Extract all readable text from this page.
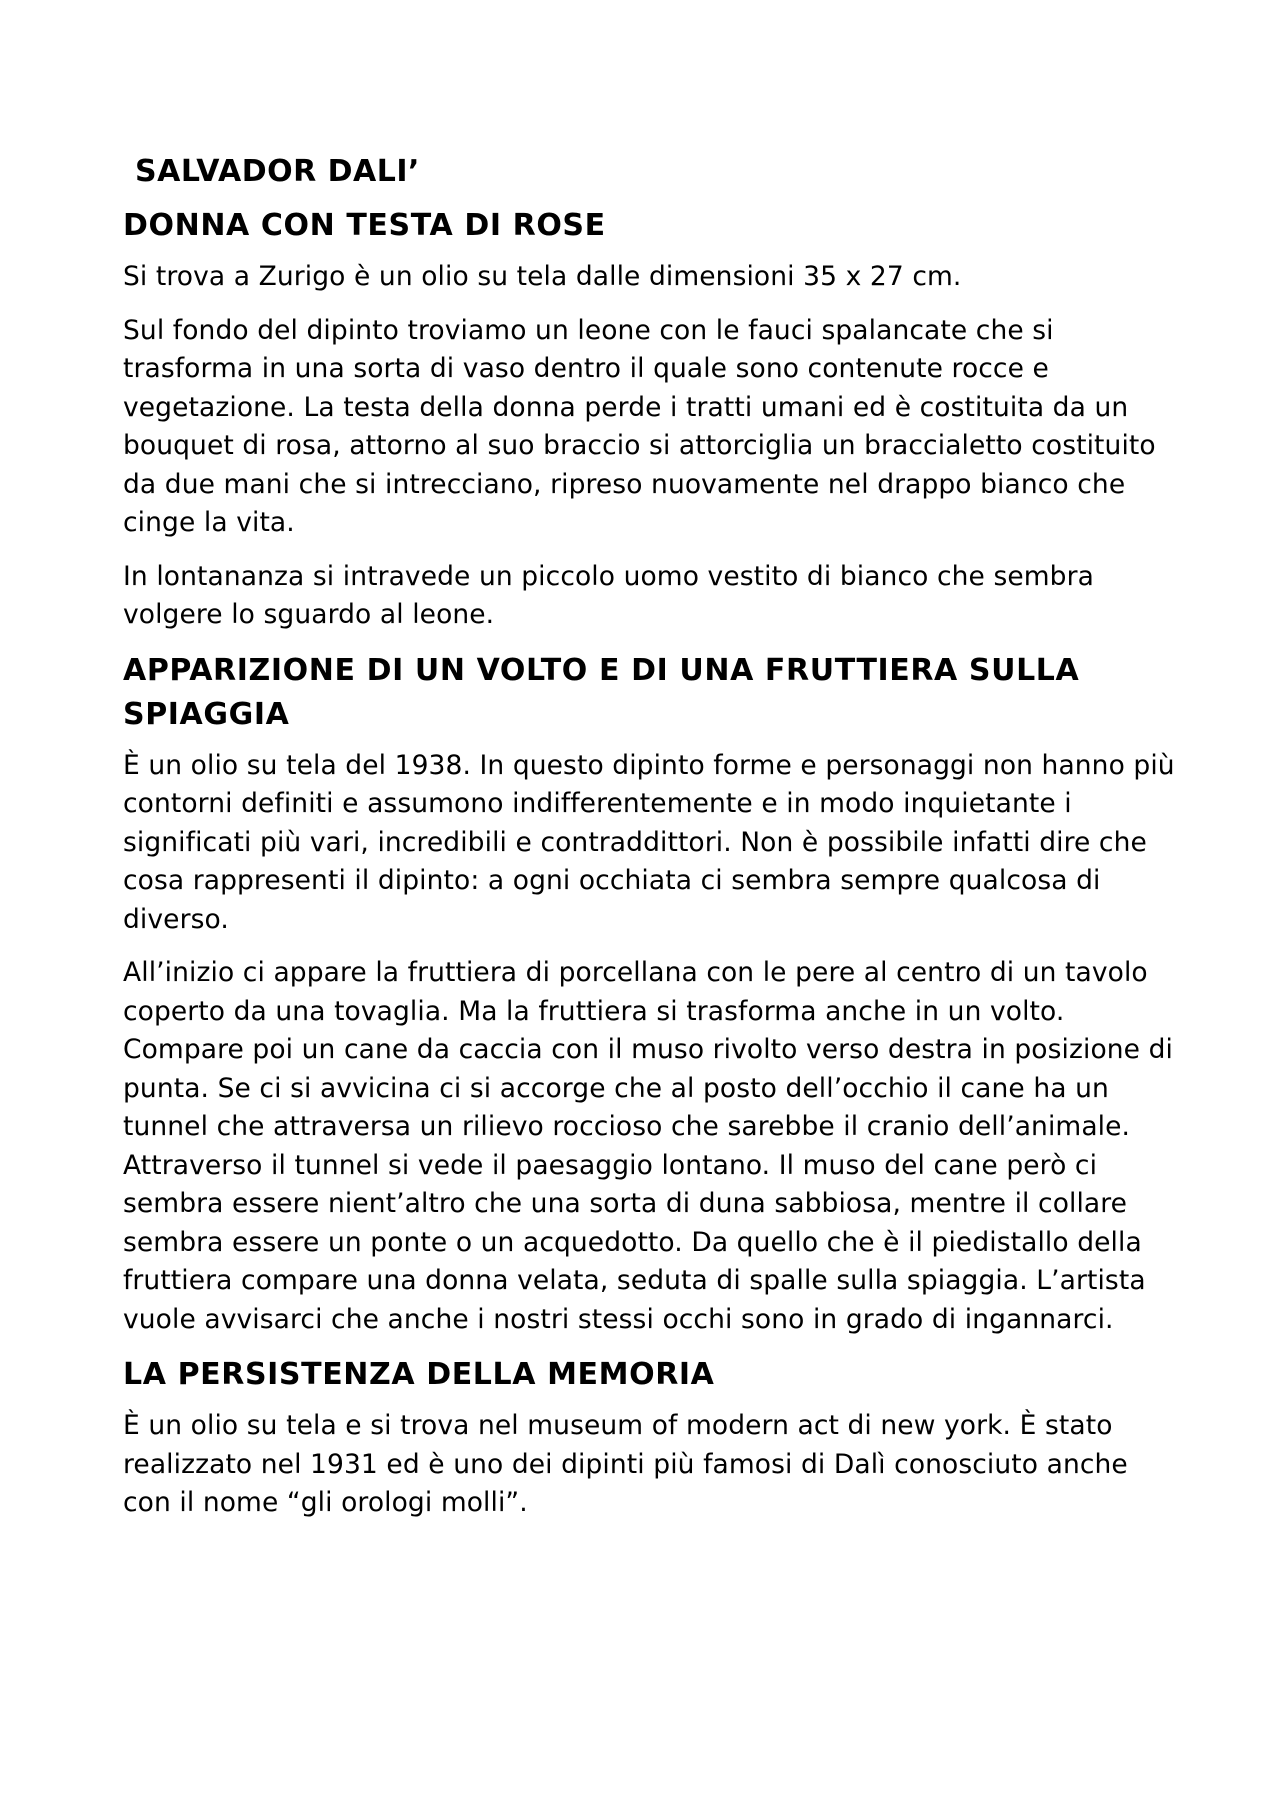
SALVADOR DALI’
DONNA CON TESTA DI ROSE

Si trova a Zurigo è un olio su tela dalle dimensioni 35 x 27 cm.

Sul fondo del dipinto troviamo un leone con le fauci spalancate che si trasforma in una sorta di vaso dentro il quale sono contenute rocce e vegetazione. La testa della donna perde i tratti umani ed è costituita da un bouquet di rosa, attorno al suo braccio si attorciglia un braccialetto costituito da due mani che si intrecciano, ripreso nuovamente nel drappo bianco che cinge la vita.

In lontananza si intravede un piccolo uomo vestito di bianco che sembra volgere lo sguardo al leone.

APPARIZIONE DI UN VOLTO E DI UNA FRUTTIERA SULLA SPIAGGIA

È un olio su tela del 1938. In questo dipinto forme e personaggi non hanno più contorni definiti e assumono indifferentemente e in modo inquietante i significati più vari, incredibili e contraddittori. Non è possibile infatti dire che cosa rappresenti il dipinto: a ogni occhiata ci sembra sempre qualcosa di diverso.

All’inizio ci appare la fruttiera di porcellana con le pere al centro di un tavolo coperto da una tovaglia. Ma la fruttiera si trasforma anche in un volto. Compare poi un cane da caccia con il muso rivolto verso destra in posizione di punta. Se ci si avvicina ci si accorge che al posto dell’occhio il cane ha un tunnel che attraversa un rilievo roccioso che sarebbe il cranio dell’animale. Attraverso il tunnel si vede il paesaggio lontano. Il muso del cane però ci sembra essere nient’altro che una sorta di duna sabbiosa, mentre il collare sembra essere un ponte o un acquedotto. Da quello che è il piedistallo della fruttiera compare una donna velata, seduta di spalle sulla spiaggia. L’artista vuole avvisarci che anche i nostri stessi occhi sono in grado di ingannarci.

LA PERSISTENZA DELLA MEMORIA

È un olio su tela e si trova nel museum of modern act di new york. È stato realizzato nel 1931 ed è uno dei dipinti più famosi di Dalì conosciuto anche con il nome “gli orologi molli”.
